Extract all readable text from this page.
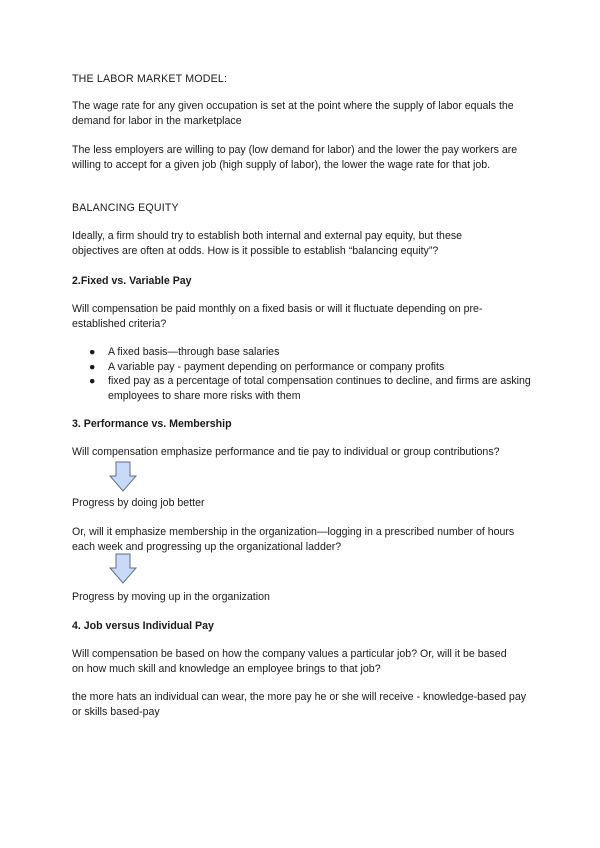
THE LABOR MARKET MODEL:

The wage rate for any given occupation is set at the point where the supply of labor equals the demand for labor in the marketplace

The less employers are willing to pay (low demand for labor) and the lower the pay workers are willing to accept for a given job (high supply of labor), the lower the wage rate for that job.

BALANCING EQUITY

Ideally, a firm should try to establish both internal and external pay equity, but these objectives are often at odds. How is it possible to establish “balancing equity”?

2.Fixed vs. Variable Pay

Will compensation be paid monthly on a fixed basis or will it fluctuate depending on pre-established criteria?

● A fixed basis—through base salaries
● A variable pay - payment depending on performance or company profits
● fixed pay as a percentage of total compensation continues to decline, and firms are asking employees to share more risks with them

3. Performance vs. Membership

Will compensation emphasize performance and tie pay to individual or group contributions?

Progress by doing job better

Or, will it emphasize membership in the organization—logging in a prescribed number of hours each week and progressing up the organizational ladder?

Progress by moving up in the organization

4. Job versus Individual Pay

Will compensation be based on how the company values a particular job? Or, will it be based on how much skill and knowledge an employee brings to that job?

the more hats an individual can wear, the more pay he or she will receive - knowledge-based pay or skills based-pay
